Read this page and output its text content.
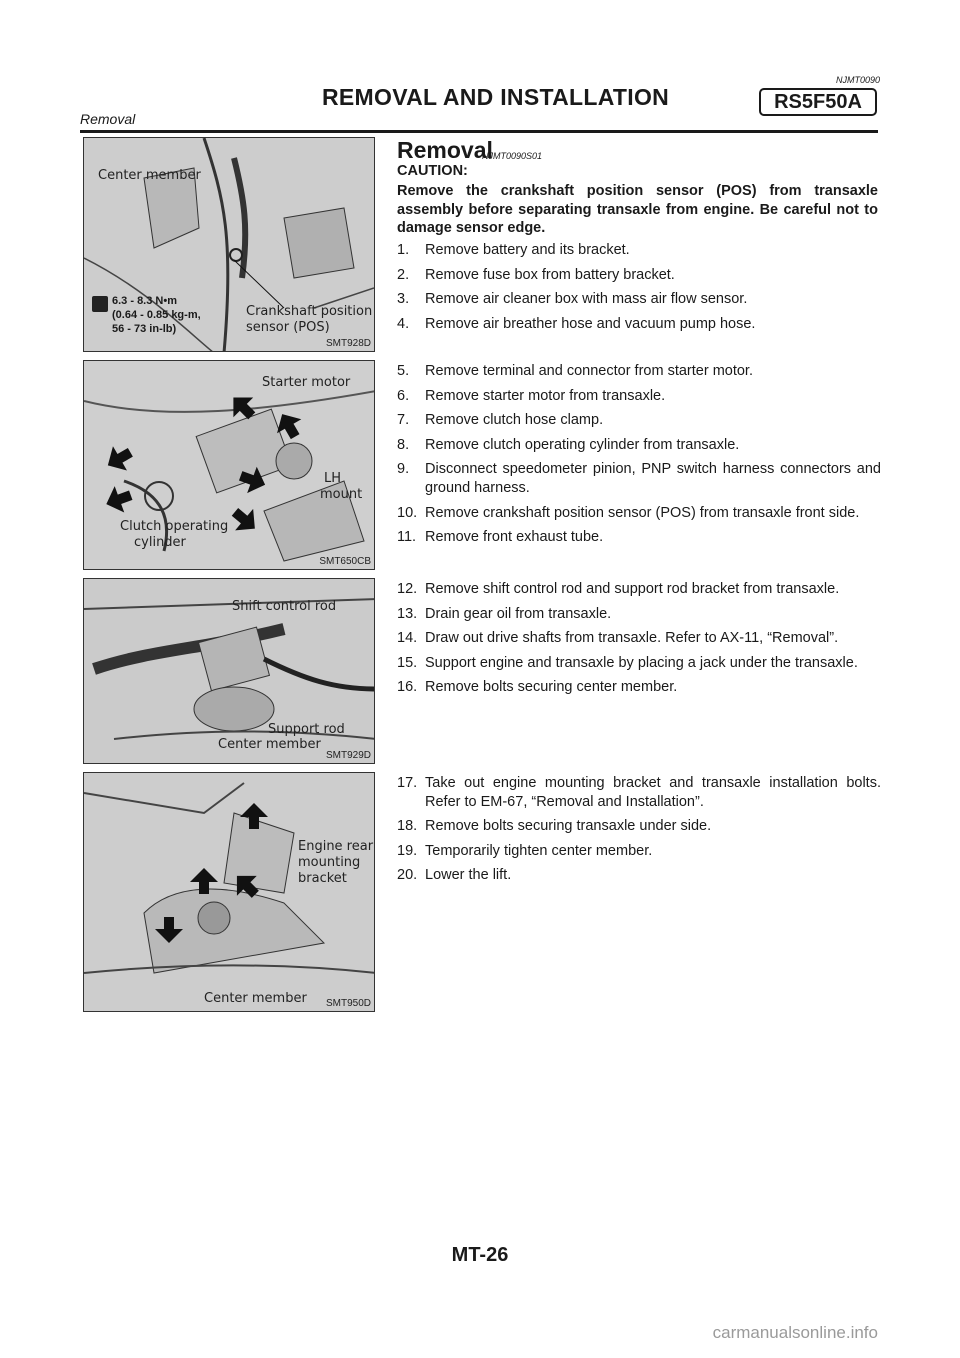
NJMT0090
REMOVAL AND INSTALLATION	RS5F50A
Removal
Center member
Crankshaft position
sensor (POS)
6.3 - 8.3 N•m
(0.64 - 0.85 kg-m,
56 - 73 in-lb)
SMT928D
Starter motor
LH
mount
Clutch operating
cylinder
SMT650CB
Shift control rod
Support rod
Center member
SMT929D
Engine rear
mounting
bracket
Center member SMT950D
Removal
NJMT0090S01
CAUTION:
Remove the crankshaft position sensor (POS) from transaxle assembly before separating transaxle from engine. Be careful not to damage sensor edge.
1. Remove battery and its bracket.
2. Remove fuse box from battery bracket.
3. Remove air cleaner box with mass air flow sensor.
4. Remove air breather hose and vacuum pump hose.
5. Remove terminal and connector from starter motor.
6. Remove starter motor from transaxle.
7. Remove clutch hose clamp.
8. Remove clutch operating cylinder from transaxle.
9. Disconnect speedometer pinion, PNP switch harness connectors and ground harness.
10. Remove crankshaft position sensor (POS) from transaxle front side.
11. Remove front exhaust tube.
12. Remove shift control rod and support rod bracket from transaxle.
13. Drain gear oil from transaxle.
14. Draw out drive shafts from transaxle. Refer to AX-11, “Removal”.
15. Support engine and transaxle by placing a jack under the transaxle.
16. Remove bolts securing center member.
17. Take out engine mounting bracket and transaxle installation bolts. Refer to EM-67, “Removal and Installation”.
18. Remove bolts securing transaxle under side.
19. Temporarily tighten center member.
20. Lower the lift.
MT-26
carmanualsonline.info
